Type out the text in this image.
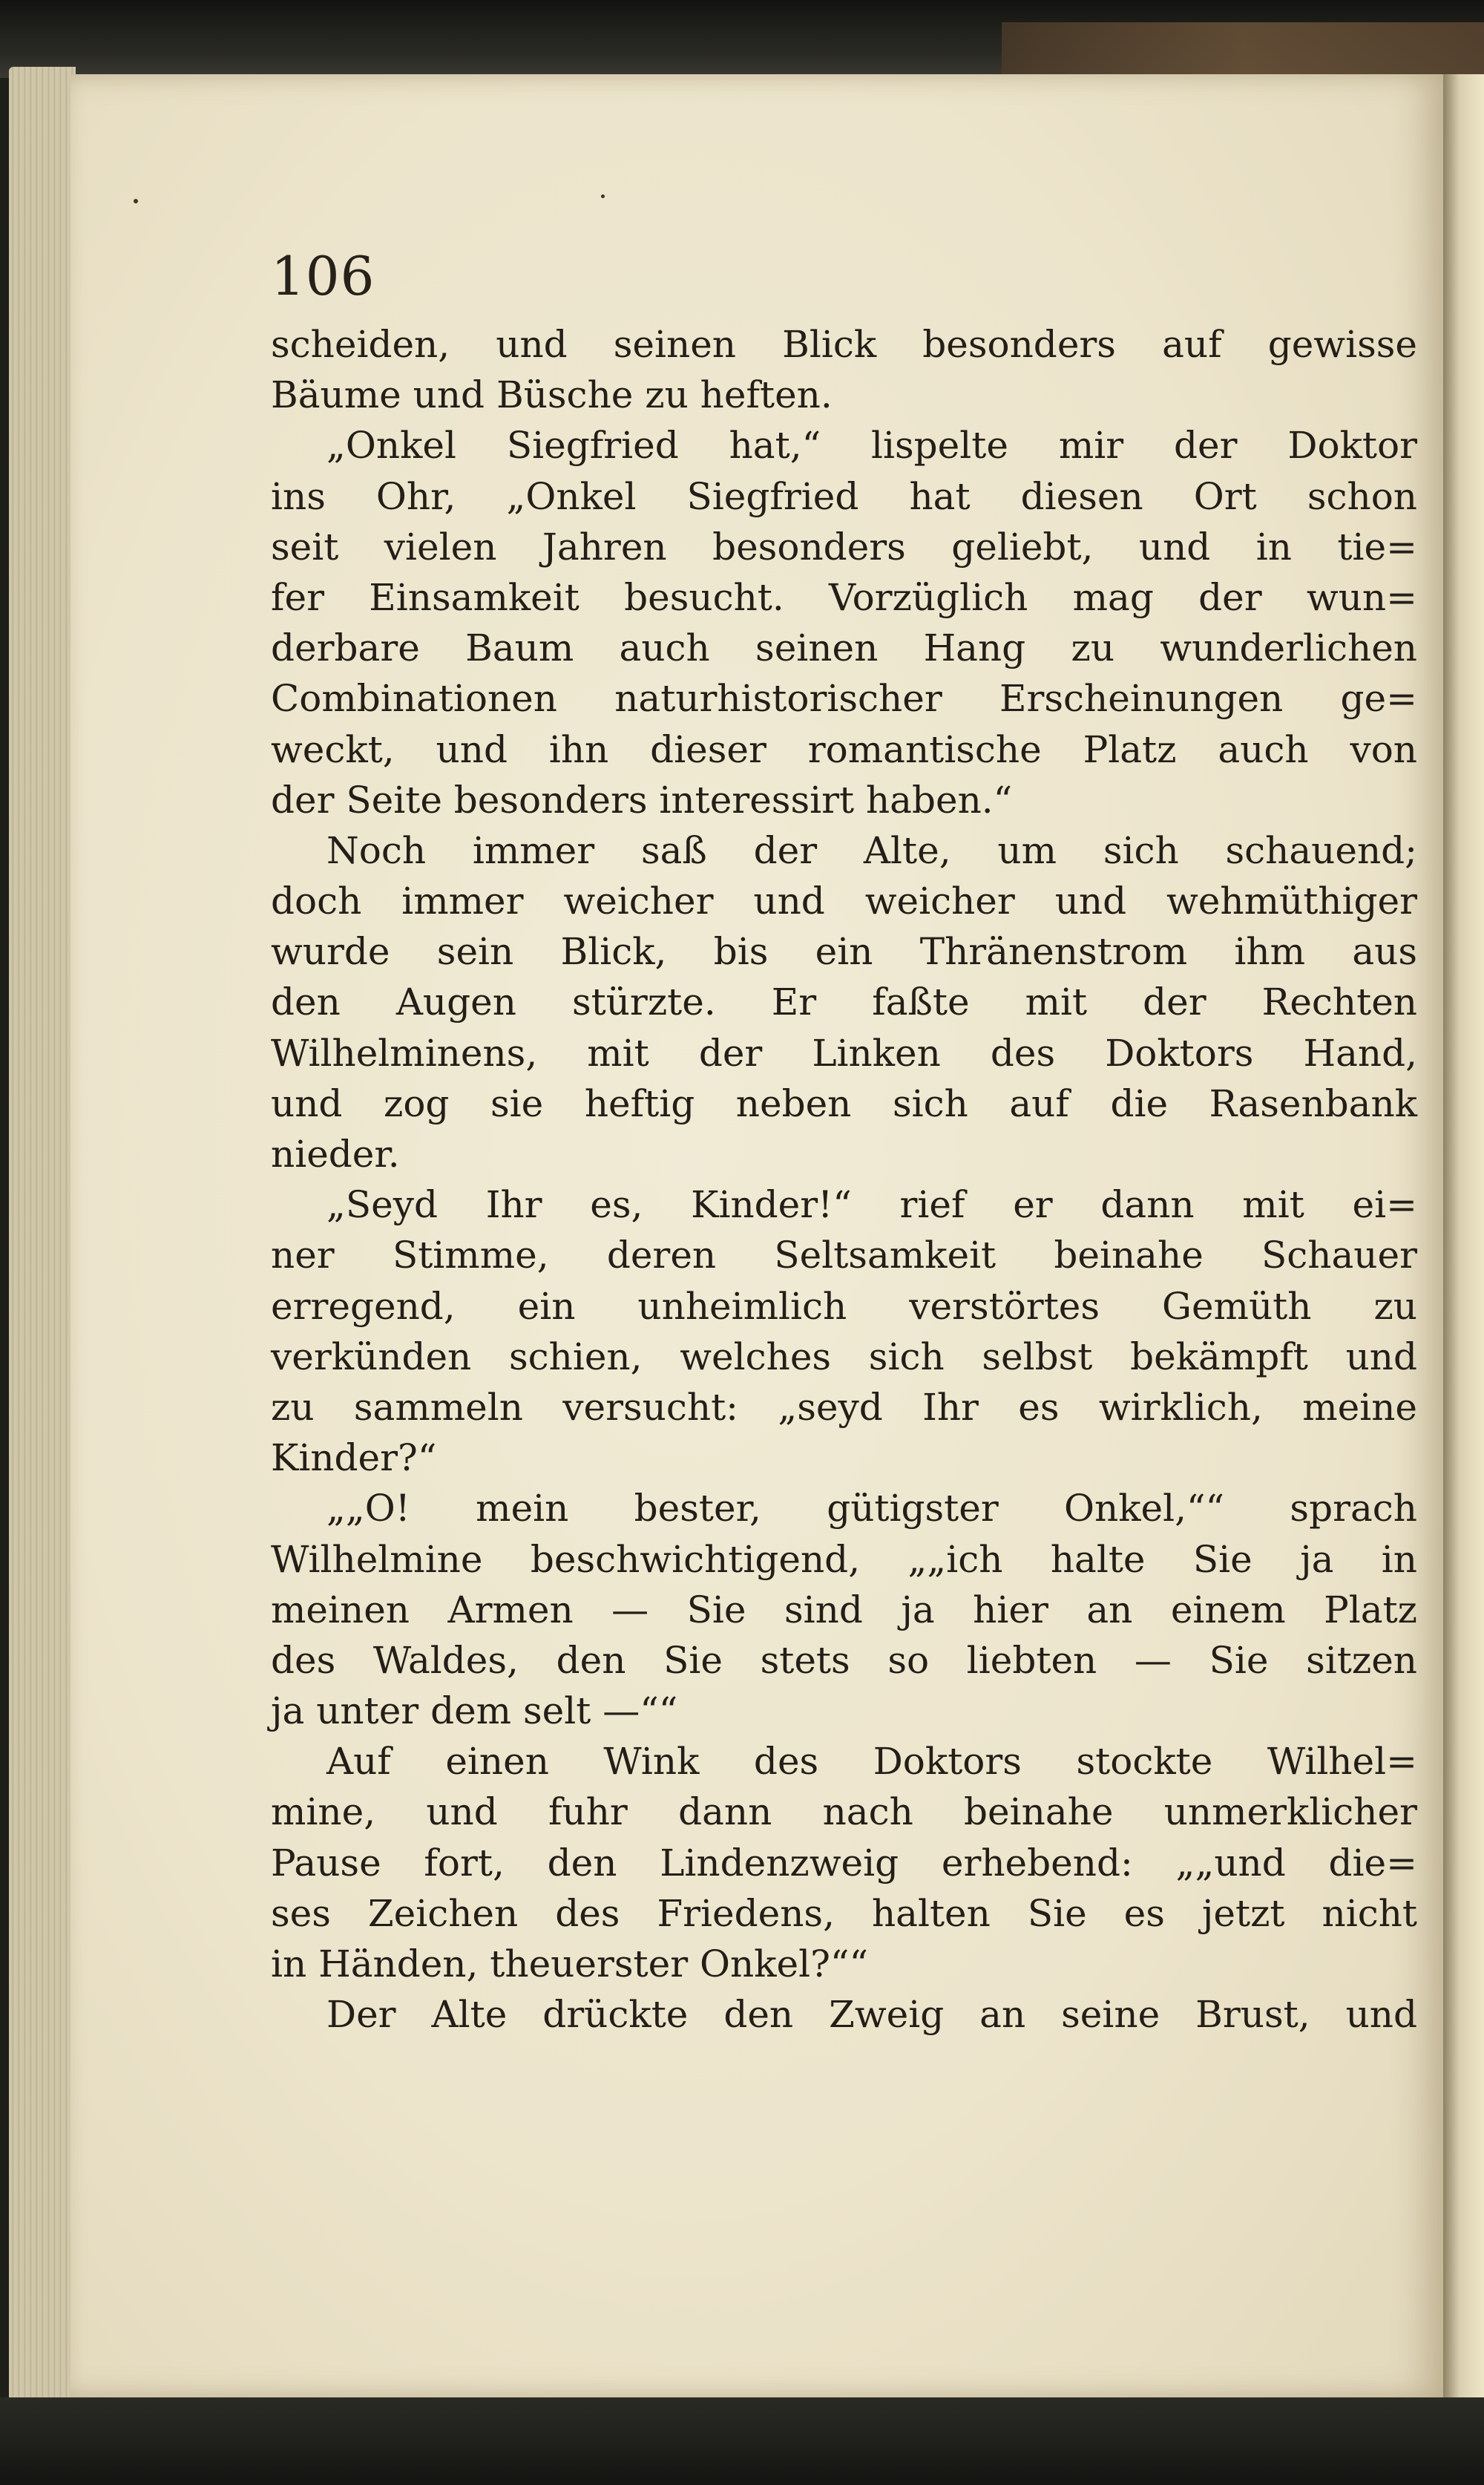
106
scheiden, und seinen Blick besonders auf gewisse
Bäume und Büsche zu heften.
„Onkel Siegfried hat,“ lispelte mir der Doktor
ins Ohr, „Onkel Siegfried hat diesen Ort schon
seit vielen Jahren besonders geliebt, und in tie=
fer Einsamkeit besucht. Vorzüglich mag der wun=
derbare Baum auch seinen Hang zu wunderlichen
Combinationen naturhistorischer Erscheinungen ge=
weckt, und ihn dieser romantische Platz auch von
der Seite besonders interessirt haben.“
Noch immer saß der Alte, um sich schauend;
doch immer weicher und weicher und wehmüthiger
wurde sein Blick, bis ein Thränenstrom ihm aus
den Augen stürzte. Er faßte mit der Rechten
Wilhelminens, mit der Linken des Doktors Hand,
und zog sie heftig neben sich auf die Rasenbank
nieder.
„Seyd Ihr es, Kinder!“ rief er dann mit ei=
ner Stimme, deren Seltsamkeit beinahe Schauer
erregend, ein unheimlich verstörtes Gemüth zu
verkünden schien, welches sich selbst bekämpft und
zu sammeln versucht: „seyd Ihr es wirklich, meine
Kinder?“
„„O! mein bester, gütigster Onkel,““ sprach
Wilhelmine beschwichtigend, „„ich halte Sie ja in
meinen Armen — Sie sind ja hier an einem Platz
des Waldes, den Sie stets so liebten — Sie sitzen
ja unter dem selt —““
Auf einen Wink des Doktors stockte Wilhel=
mine, und fuhr dann nach beinahe unmerklicher
Pause fort, den Lindenzweig erhebend: „„und die=
ses Zeichen des Friedens, halten Sie es jetzt nicht
in Händen, theuerster Onkel?““
Der Alte drückte den Zweig an seine Brust, und
